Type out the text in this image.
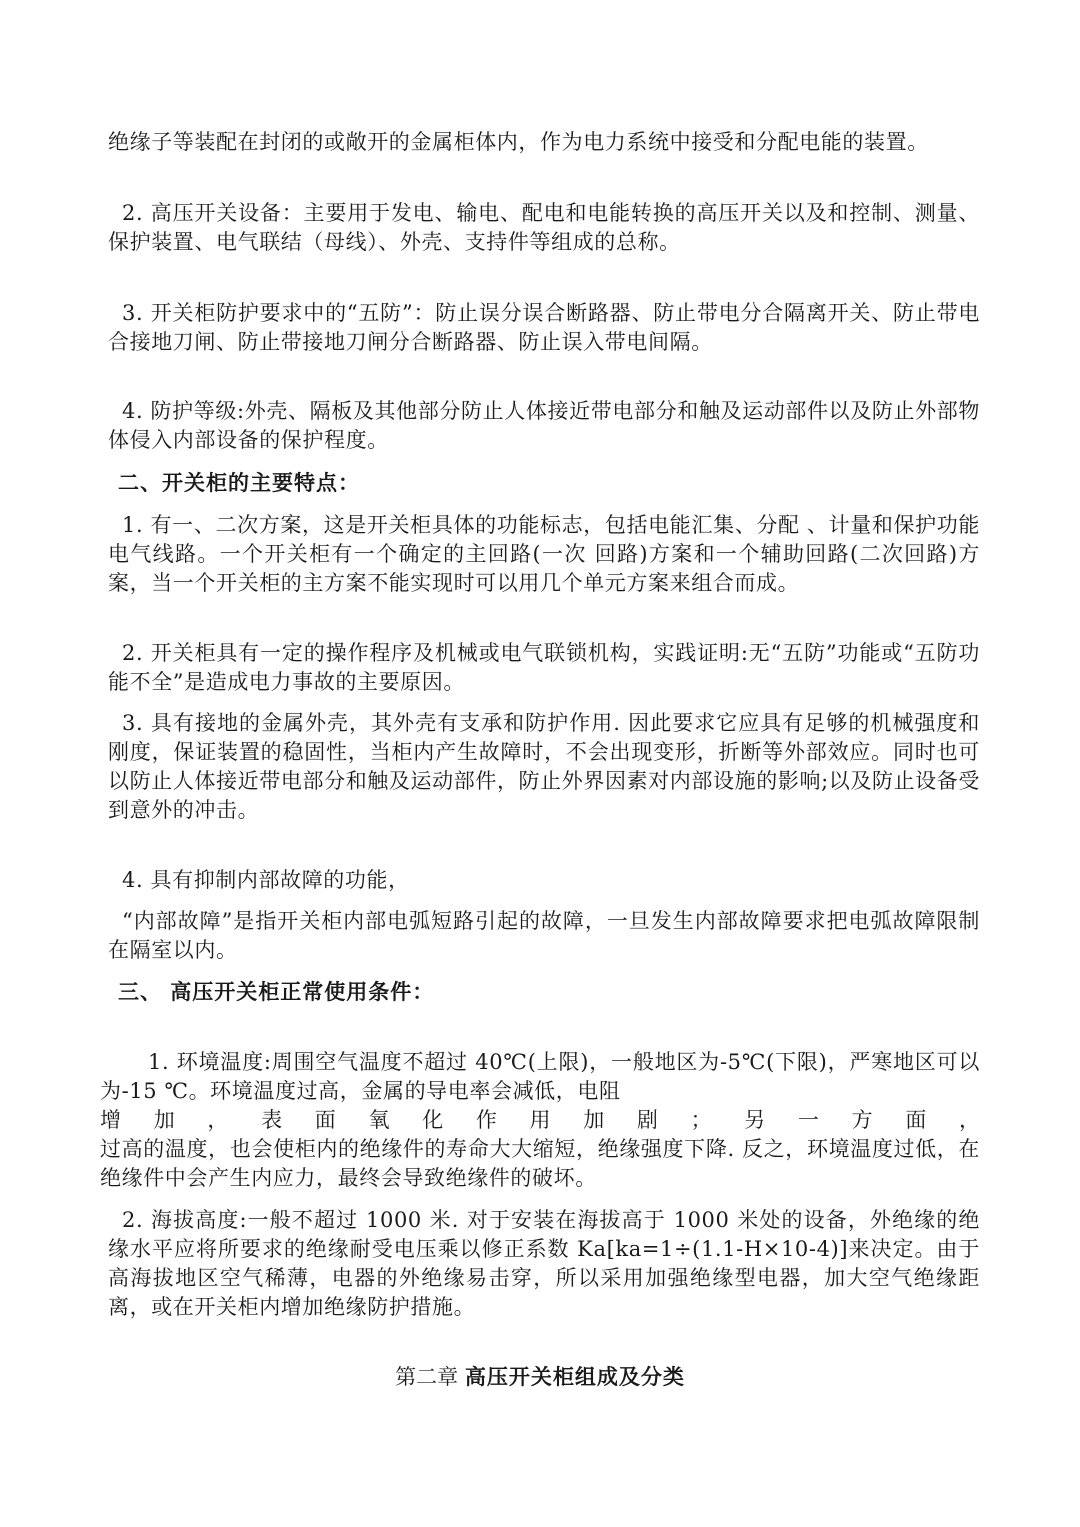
绝缘子等装配在封闭的或敞开的金属柜体内，作为电力系统中接受和分配电能的装置。

2. 高压开关设备：主要用于发电、输电、配电和电能转换的高压开关以及和控制、测量、保护装置、电气联结（母线）、外壳、支持件等组成的总称。

3. 开关柜防护要求中的“五防”：防止误分误合断路器、防止带电分合隔离开关、防止带电合接地刀闸、防止带接地刀闸分合断路器、防止误入带电间隔。

4. 防护等级:外壳、隔板及其他部分防止人体接近带电部分和触及运动部件以及防止外部物体侵入内部设备的保护程度。

二、开关柜的主要特点：

1. 有一、二次方案，这是开关柜具体的功能标志，包括电能汇集、分配 、计量和保护功能电气线路。一个开关柜有一个确定的主回路(一次 回路)方案和一个辅助回路(二次回路)方案，当一个开关柜的主方案不能实现时可以用几个单元方案来组合而成。

2. 开关柜具有一定的操作程序及机械或电气联锁机构，实践证明:无“五防”功能或“五防功能不全”是造成电力事故的主要原因。

3. 具有接地的金属外壳，其外壳有支承和防护作用. 因此要求它应具有足够的机械强度和刚度，保证装置的稳固性，当柜内产生故障时，不会出现变形，折断等外部效应。同时也可以防止人体接近带电部分和触及运动部件，防止外界因素对内部设施的影响;以及防止设备受到意外的冲击。

4. 具有抑制内部故障的功能，

“内部故障”是指开关柜内部电弧短路引起的故障，一旦发生内部故障要求把电弧故障限制在隔室以内。

三、 高压开关柜正常使用条件：

1. 环境温度:周围空气温度不超过 40℃(上限)，一般地区为-5℃(下限)，严寒地区可以为-15 ℃。环境温度过高，金属的导电率会减低，电阻

增 加 ， 表 面 氧 化 作 用 加 剧 ； 另 一 方 面 ，

过高的温度，也会使柜内的绝缘件的寿命大大缩短，绝缘强度下降. 反之，环境温度过低，在绝缘件中会产生内应力，最终会导致绝缘件的破坏。

2. 海拔高度:一般不超过 1000 米. 对于安装在海拔高于 1000 米处的设备，外绝缘的绝缘水平应将所要求的绝缘耐受电压乘以修正系数 Ka[ka=1÷(1.1-H×10-4)]来决定。由于高海拔地区空气稀薄，电器的外绝缘易击穿，所以采用加强绝缘型电器，加大空气绝缘距离，或在开关柜内增加绝缘防护措施。

第二章 高压开关柜组成及分类
